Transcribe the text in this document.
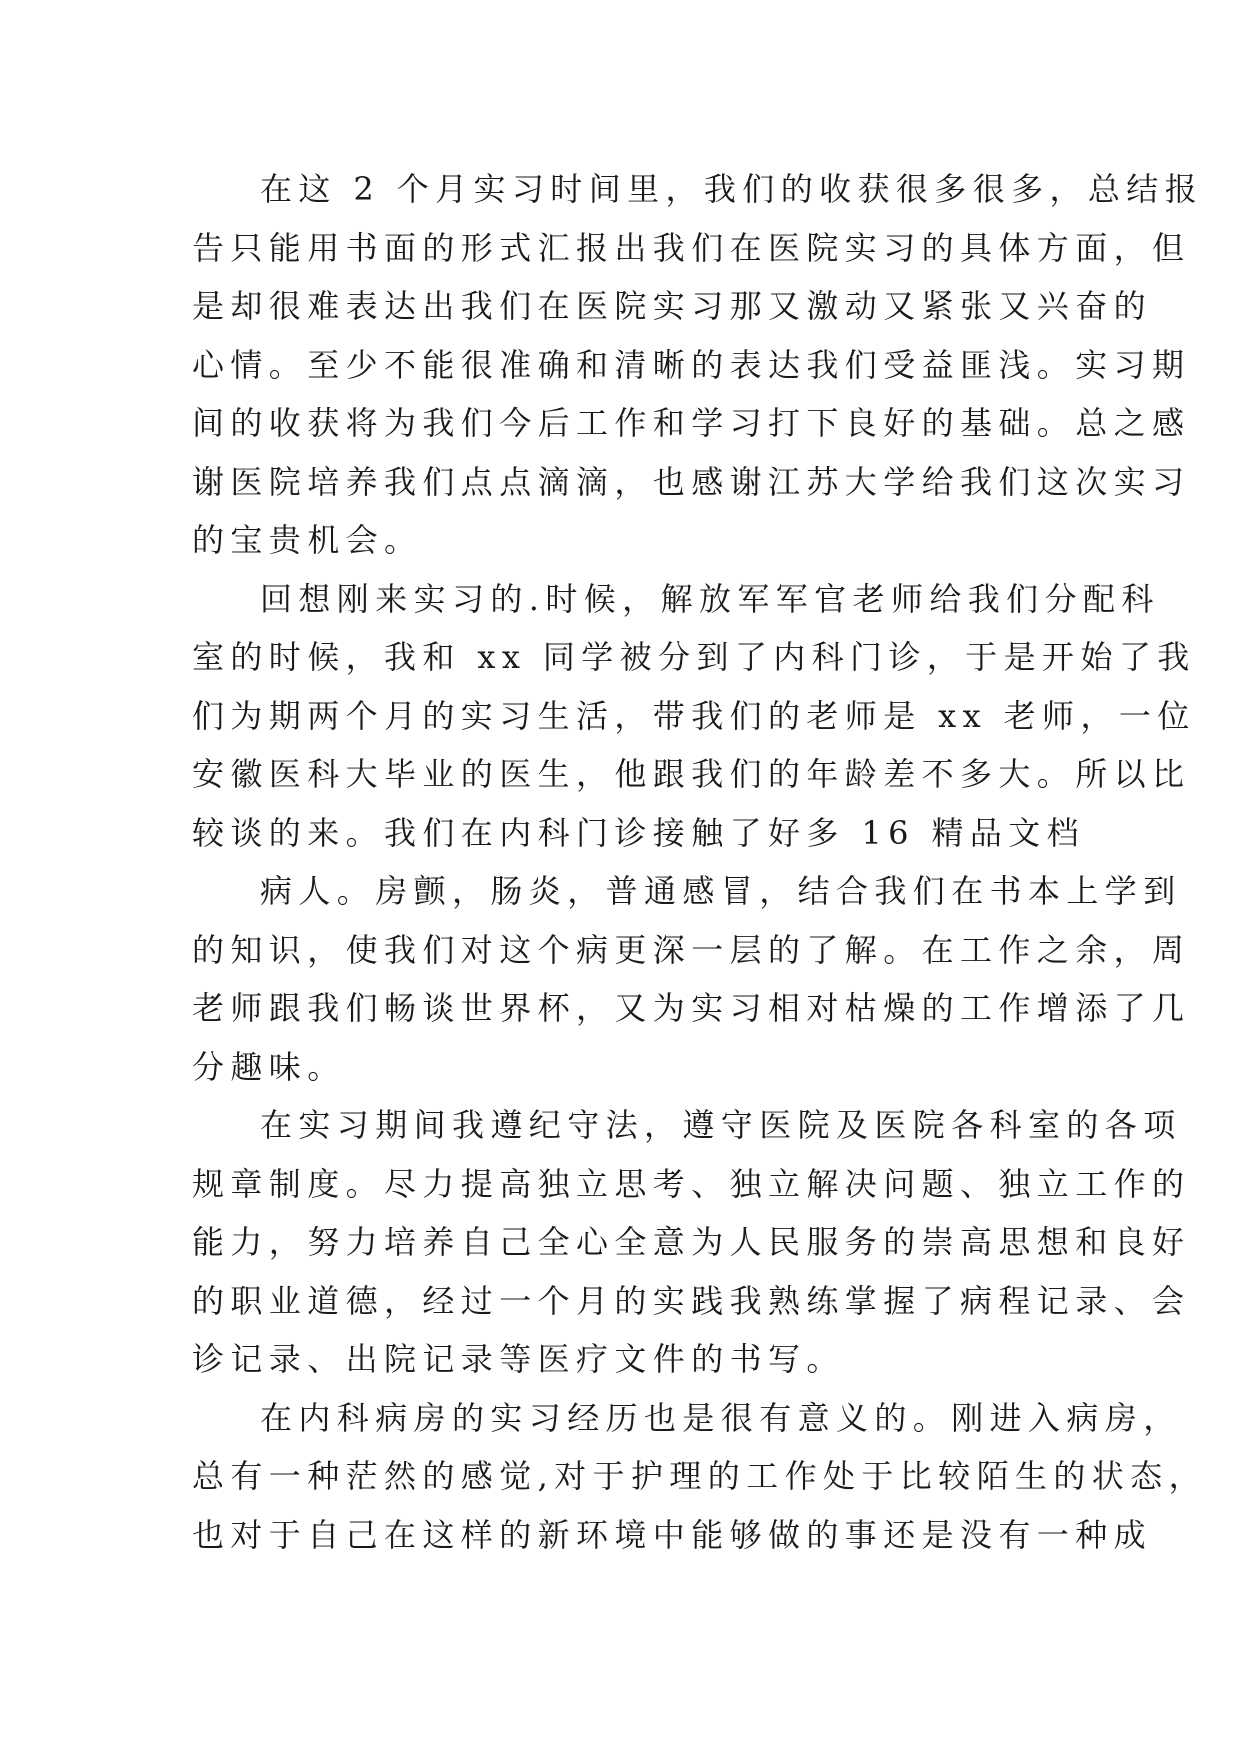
在这 2 个月实习时间里，我们的收获很多很多，总结报
告只能用书面的形式汇报出我们在医院实习的具体方面，但
是却很难表达出我们在医院实习那又激动又紧张又兴奋的
心情。至少不能很准确和清晰的表达我们受益匪浅。实习期
间的收获将为我们今后工作和学习打下良好的基础。总之感
谢医院培养我们点点滴滴，也感谢江苏大学给我们这次实习
的宝贵机会。
回想刚来实习的.时候，解放军军官老师给我们分配科
室的时候，我和 xx 同学被分到了内科门诊，于是开始了我
们为期两个月的实习生活，带我们的老师是 xx 老师，一位
安徽医科大毕业的医生，他跟我们的年龄差不多大。所以比
较谈的来。我们在内科门诊接触了好多 16 精品文档
病人。房颤，肠炎，普通感冒，结合我们在书本上学到
的知识，使我们对这个病更深一层的了解。在工作之余，周
老师跟我们畅谈世界杯，又为实习相对枯燥的工作增添了几
分趣味。
在实习期间我遵纪守法，遵守医院及医院各科室的各项
规章制度。尽力提高独立思考、独立解决问题、独立工作的
能力，努力培养自己全心全意为人民服务的崇高思想和良好
的职业道德，经过一个月的实践我熟练掌握了病程记录、会
诊记录、出院记录等医疗文件的书写。
在内科病房的实习经历也是很有意义的。刚进入病房，
总有一种茫然的感觉,对于护理的工作处于比较陌生的状态，
也对于自己在这样的新环境中能够做的事还是没有一种成
